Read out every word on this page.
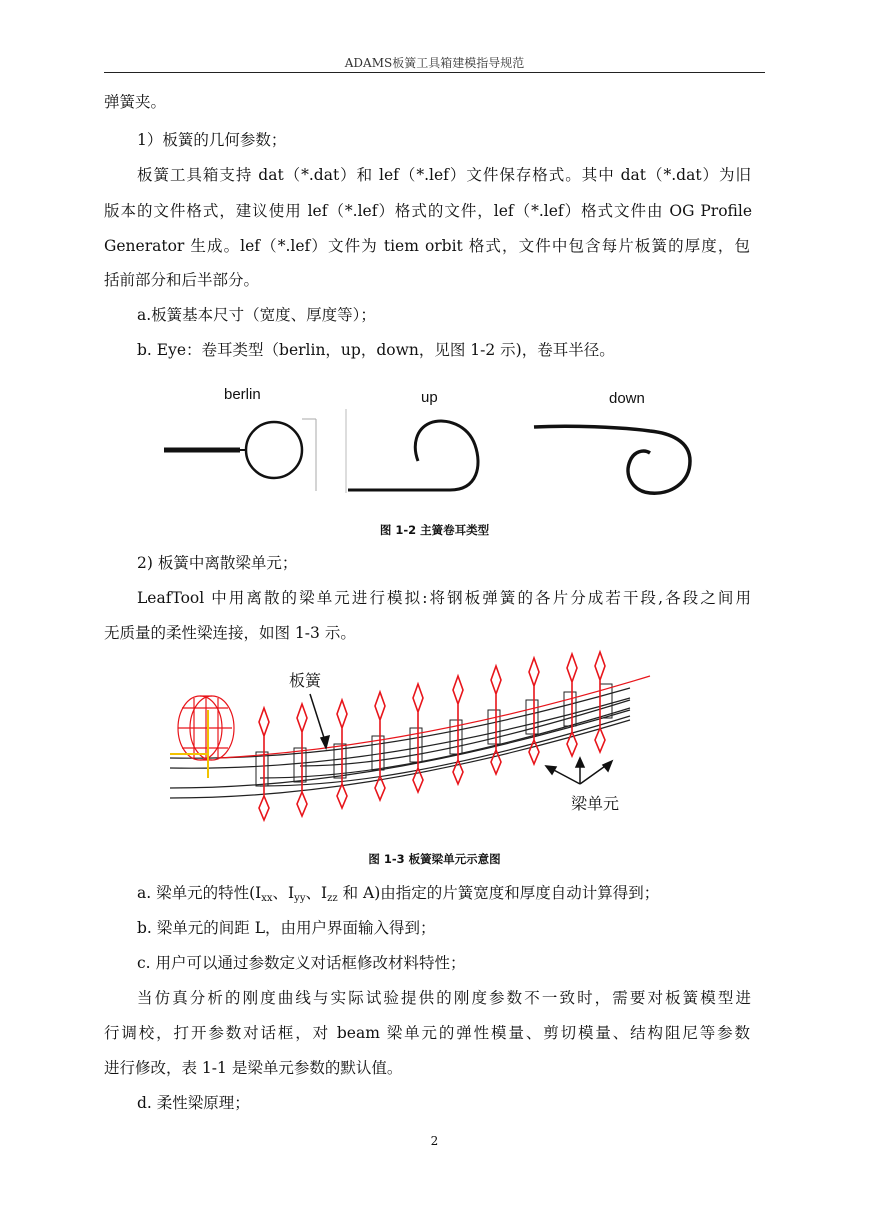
ADAMS板簧工具箱建模指导规范
弹簧夹。
1）板簧的几何参数；
板簧工具箱支持 dat（*.dat）和 lef（*.lef）文件保存格式。其中 dat（*.dat）为旧
版本的文件格式，建议使用 lef（*.lef）格式的文件，lef（*.lef）格式文件由 OG Profile
Generator 生成。lef（*.lef）文件为 tiem orbit 格式，文件中包含每片板簧的厚度，包
括前部分和后半部分。
a.板簧基本尺寸（宽度、厚度等）；
b. Eye：卷耳类型（berlin，up，down，见图 1-2 示)，卷耳半径。
berlin	up	down
图 1-2 主簧卷耳类型
2) 板簧中离散梁单元；
LeafTool 中用离散的梁单元进行模拟:将钢板弹簧的各片分成若干段,各段之间用
无质量的柔性梁连接，如图 1-3 示。
板簧
梁单元
图 1-3 板簧梁单元示意图
a. 梁单元的特性($I_{xx}$、$I_{yy}$、$I_{zz}$ 和 A)由指定的片簧宽度和厚度自动计算得到；
b. 梁单元的间距 L，由用户界面输入得到；
c. 用户可以通过参数定义对话框修改材料特性；
当仿真分析的刚度曲线与实际试验提供的刚度参数不一致时，需要对板簧模型进
行调校，打开参数对话框，对 beam 梁单元的弹性模量、剪切模量、结构阻尼等参数
进行修改，表 1-1 是梁单元参数的默认值。
d. 柔性梁原理；
2
